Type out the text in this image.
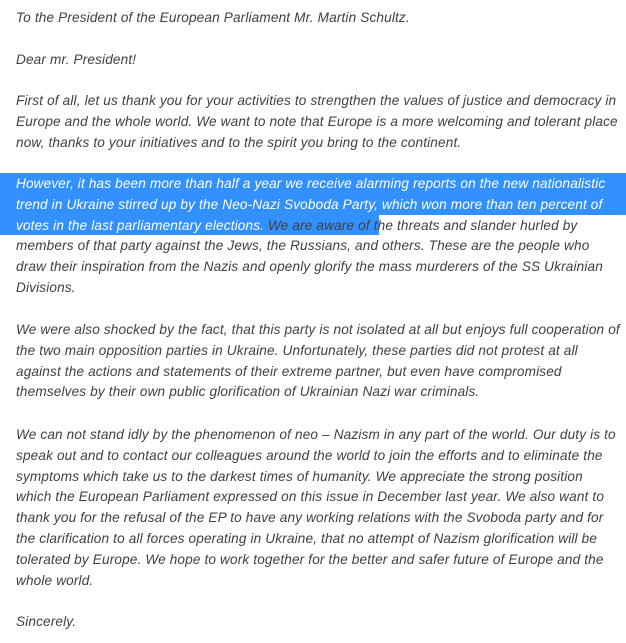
To the President of the European Parliament Mr. Martin Schultz.

Dear mr. President!

First of all, let us thank you for your activities to strengthen the values of justice and democracy in Europe and the whole world. We want to note that Europe is a more welcoming and tolerant place now, thanks to your initiatives and to the spirit you bring to the continent.

However, it has been more than half a year we receive alarming reports on the new nationalistic trend in Ukraine stirred up by the Neo-Nazi Svoboda Party, which won more than ten percent of votes in the last parliamentary elections. We are aware of the threats and slander hurled by members of that party against the Jews, the Russians, and others. These are the people who draw their inspiration from the Nazis and openly glorify the mass murderers of the SS Ukrainian Divisions.

We were also shocked by the fact, that this party is not isolated at all but enjoys full cooperation of the two main opposition parties in Ukraine. Unfortunately, these parties did not protest at all against the actions and statements of their extreme partner, but even have compromised themselves by their own public glorification of Ukrainian Nazi war criminals.

We can not stand idly by the phenomenon of neo – Nazism in any part of the world. Our duty is to speak out and to contact our colleagues around the world to join the efforts and to eliminate the symptoms which take us to the darkest times of humanity. We appreciate the strong position which the European Parliament expressed on this issue in December last year. We also want to thank you for the refusal of the EP to have any working relations with the Svoboda party and for the clarification to all forces operating in Ukraine, that no attempt of Nazism glorification will be tolerated by Europe. We hope to work together for the better and safer future of Europe and the whole world.

Sincerely.
